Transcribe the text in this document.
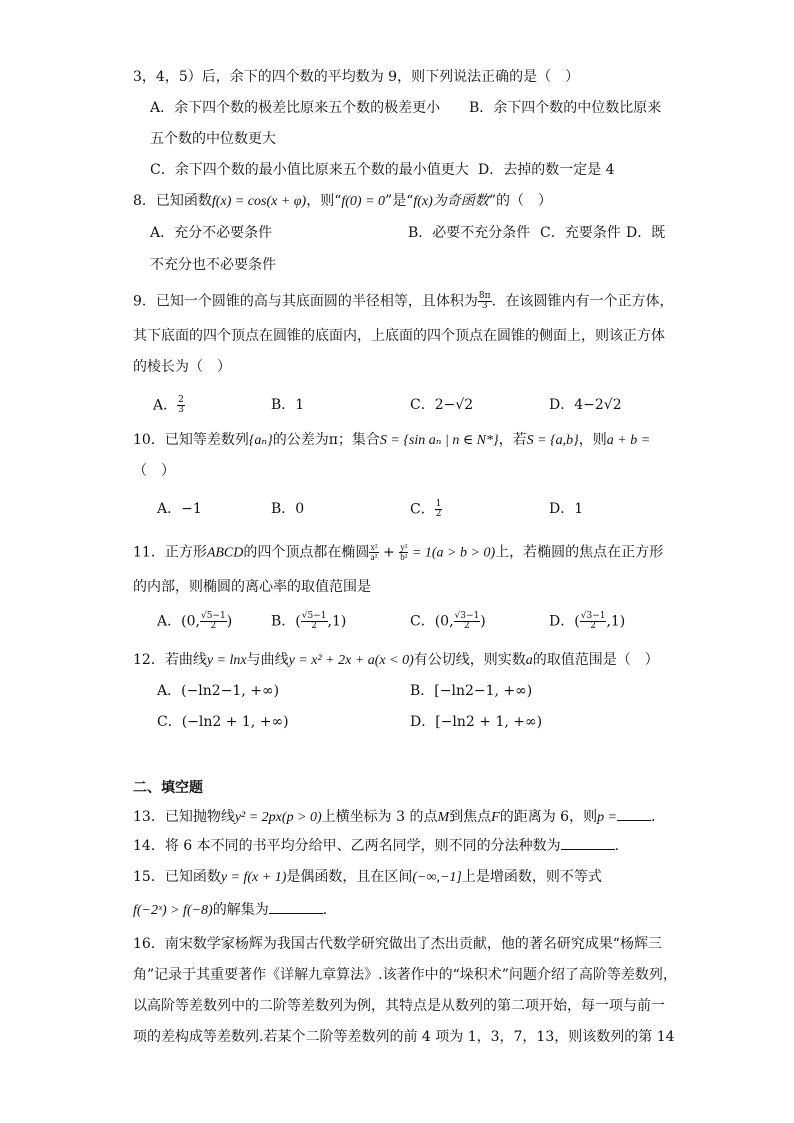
3，4，5）后，余下的四个数的平均数为 9，则下列说法正确的是（　）
A．余下四个数的极差比原来五个数的极差更小 B．余下四个数的中位数比原来
五个数的中位数更大
C．余下四个数的最小值比原来五个数的最小值更大 D．去掉的数一定是 4
8．已知函数f(x) = cos(x + φ)，则“f(0) = 0”是“f(x)为奇函数”的（　）
A．充分不必要条件	B．必要不充分条件 C．充要条件 D．既
不充分也不必要条件
9．已知一个圆锥的高与其底面圆的半径相等，且体积为 $\frac{8\pi}{3}$ ．在该圆锥内有一个正方体，
其下底面的四个顶点在圆锥的底面内，上底面的四个顶点在圆锥的侧面上，则该正方体
的棱长为（　）
A． $\frac{2}{3}$	B．1	C．2−√2	D．4−2√2
10．已知等差数列{aₙ}的公差为π；集合S = {sin aₙ | n ∈ N*}，若S = {a,b}，则a + b =
（　）
A．−1	B．0	C． $\frac{1}{2}$	D．1
11．正方形ABCD的四个顶点都在椭圆 $\frac{\text{x²}}{\text{a²}} + \frac{\text{y²}}{\text{b²}} = 1(a > b > 0)$上，若椭圆的焦点在正方形
的内部，则椭圆的离心率的取值范围是
A．(0, $\frac{√5-1}{2}$ )	B．( $\frac{√5-1}{2} ,1$)	C．(0, $\frac{√3-1}{2}$ )	D．( $\frac{√3-1}{2} ,1$)
12．若曲线y = lnx与曲线y = x² + 2x + a(x < 0)有公切线，则实数a的取值范围是（　）
A．(−ln2−1, +∞)	B．[−ln2−1, +∞)
C．(−ln2 + 1, +∞)	D．[−ln2 + 1, +∞)
二、填空题
13．已知抛物线y² = 2px(p > 0)上横坐标为 3 的点M到焦点F的距离为 6，则p = .
14．将 6 本不同的书平均分给甲、乙两名同学，则不同的分法种数为	.
15．已知函数y = f(x + 1)是偶函数，且在区间(−∞,−1]上是增函数，则不等式
f(−2ˣ) > f(−8)的解集为	.
16．南宋数学家杨辉为我国古代数学研究做出了杰出贡献，他的著名研究成果“杨辉三
角”记录于其重要著作《详解九章算法》.该著作中的“垛积术”问题介绍了高阶等差数列，
以高阶等差数列中的二阶等差数列为例，其特点是从数列的第二项开始，每一项与前一
项的差构成等差数列.若某个二阶等差数列的前 4 项为 1，3，7，13，则该数列的第 14
